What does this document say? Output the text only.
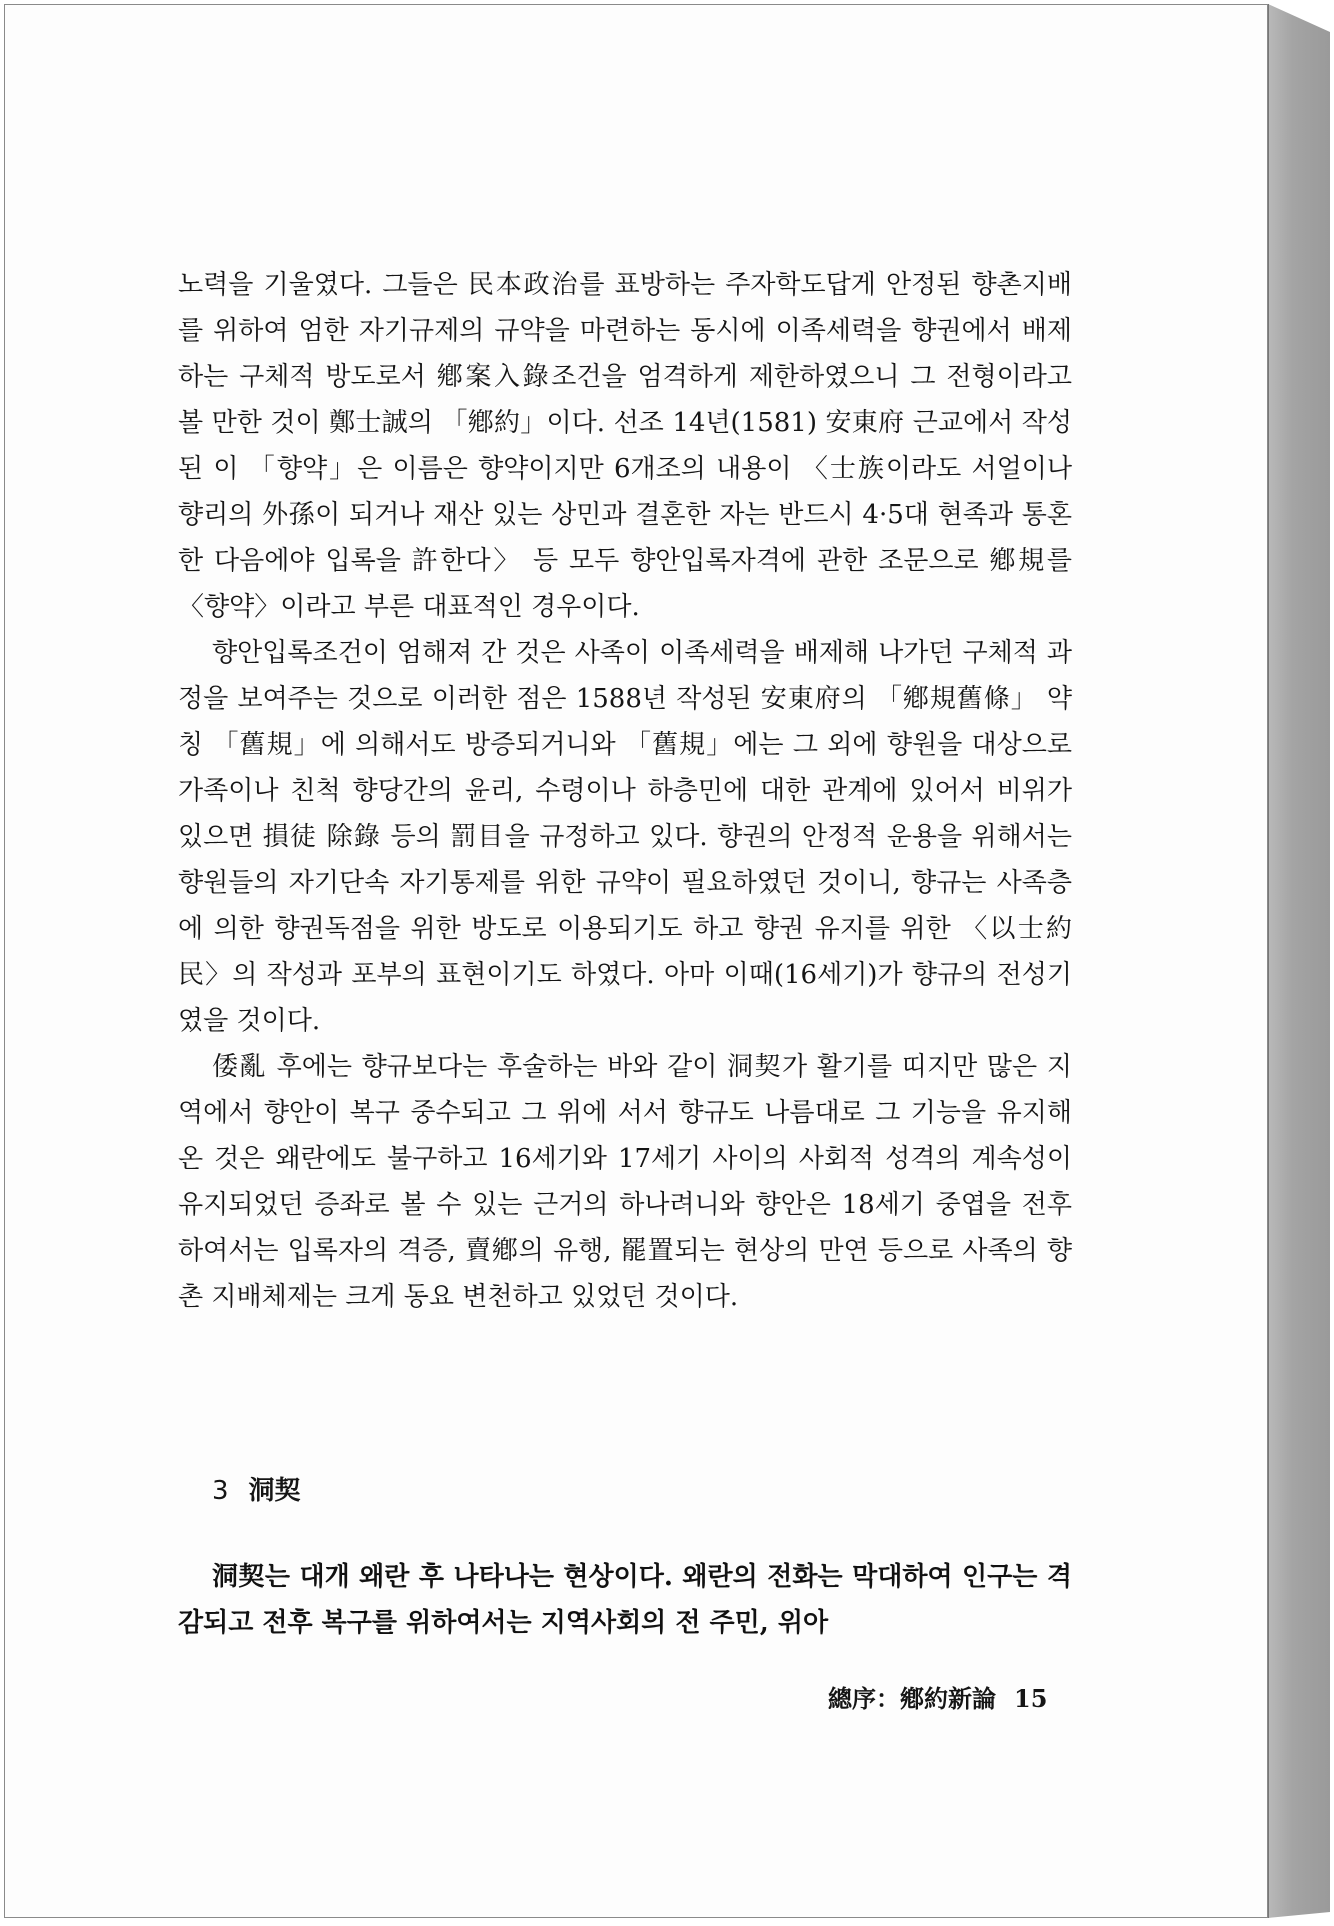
노력을 기울였다. 그들은 民本政治를 표방하는 주자학도답게 안정된 향촌지배를 위하여 엄한 자기규제의 규약을 마련하는 동시에 이족세력을 향권에서 배제하는 구체적 방도로서 鄕案入錄조건을 엄격하게 제한하였으니 그 전형이라고 볼 만한 것이 鄭士誠의 「鄕約」이다. 선조 14년(1581) 安東府 근교에서 작성된 이 「향약」은 이름은 향약이지만 6개조의 내용이 〈士族이라도 서얼이나 향리의 外孫이 되거나 재산 있는 상민과 결혼한 자는 반드시 4·5대 현족과 통혼한 다음에야 입록을 許한다〉 등 모두 향안입록자격에 관한 조문으로 鄕規를 〈향약〉이라고 부른 대표적인 경우이다.

향안입록조건이 엄해져 간 것은 사족이 이족세력을 배제해 나가던 구체적 과정을 보여주는 것으로 이러한 점은 1588년 작성된 安東府의 「鄕規舊條」 약칭 「舊規」에 의해서도 방증되거니와 「舊規」에는 그 외에 향원을 대상으로 가족이나 친척 향당간의 윤리, 수령이나 하층민에 대한 관계에 있어서 비위가 있으면 損徒 除錄 등의 罰目을 규정하고 있다. 향권의 안정적 운용을 위해서는 향원들의 자기단속 자기통제를 위한 규약이 필요하였던 것이니, 향규는 사족층에 의한 향권독점을 위한 방도로 이용되기도 하고 향권 유지를 위한 〈以士約民〉의 작성과 포부의 표현이기도 하였다. 아마 이때(16세기)가 향규의 전성기였을 것이다.

倭亂 후에는 향규보다는 후술하는 바와 같이 洞契가 활기를 띠지만 많은 지역에서 향안이 복구 중수되고 그 위에 서서 향규도 나름대로 그 기능을 유지해 온 것은 왜란에도 불구하고 16세기와 17세기 사이의 사회적 성격의 계속성이 유지되었던 증좌로 볼 수 있는 근거의 하나려니와 향안은 18세기 중엽을 전후하여서는 입록자의 격증, 賣鄕의 유행, 罷置되는 현상의 만연 등으로 사족의 향촌 지배체제는 크게 동요 변천하고 있었던 것이다.

3 洞契

洞契는 대개 왜란 후 나타나는 현상이다. 왜란의 전화는 막대하여 인구는 격감되고 전후 복구를 위하여서는 지역사회의 전 주민, 위아

總序：鄕約新論 15
